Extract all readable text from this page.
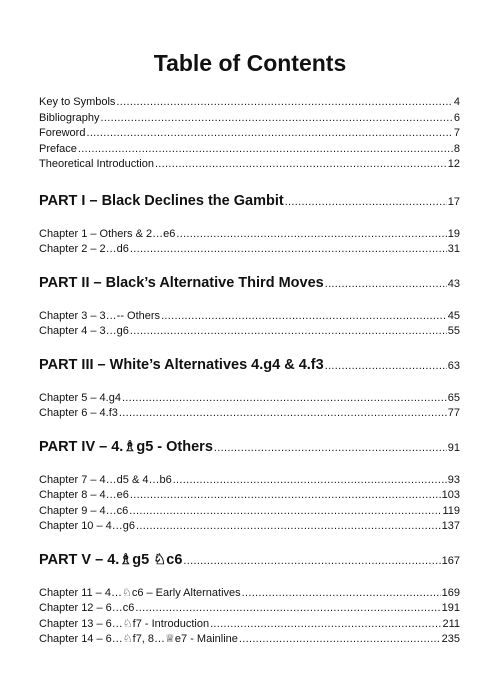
Table of Contents
Key to Symbols .....	4
Bibliography .....	6
Foreword .....	7
Preface .....	8
Theoretical Introduction .....	12
PART I – Black Declines the Gambit .....	17
Chapter 1 – Others & 2…e6 .....	19
Chapter 2 – 2…d6 .....	31
PART II – Black’s Alternative Third Moves .....	43
Chapter 3 – 3…-- Others .....	45
Chapter 4 – 3…g6 .....	55
PART III – White’s Alternatives 4.g4 & 4.f3 .....	63
Chapter 5 – 4.g4 .....	65
Chapter 6 – 4.f3 .....	77
PART IV – 4.♗g5 - Others .....	91
Chapter 7 – 4…d5 & 4…b6 .....	93
Chapter 8 – 4…e6 .....	103
Chapter 9 – 4…c6 .....	119
Chapter 10 – 4…g6 .....	137
PART V – 4.♗g5 ♘c6 .....	167
Chapter 11 – 4…♘c6 – Early Alternatives .....	169
Chapter 12 – 6…c6 .....	191
Chapter 13 – 6…♘f7 - Introduction .....	211
Chapter 14 – 6…♘f7, 8…♕e7 - Mainline .....	235
